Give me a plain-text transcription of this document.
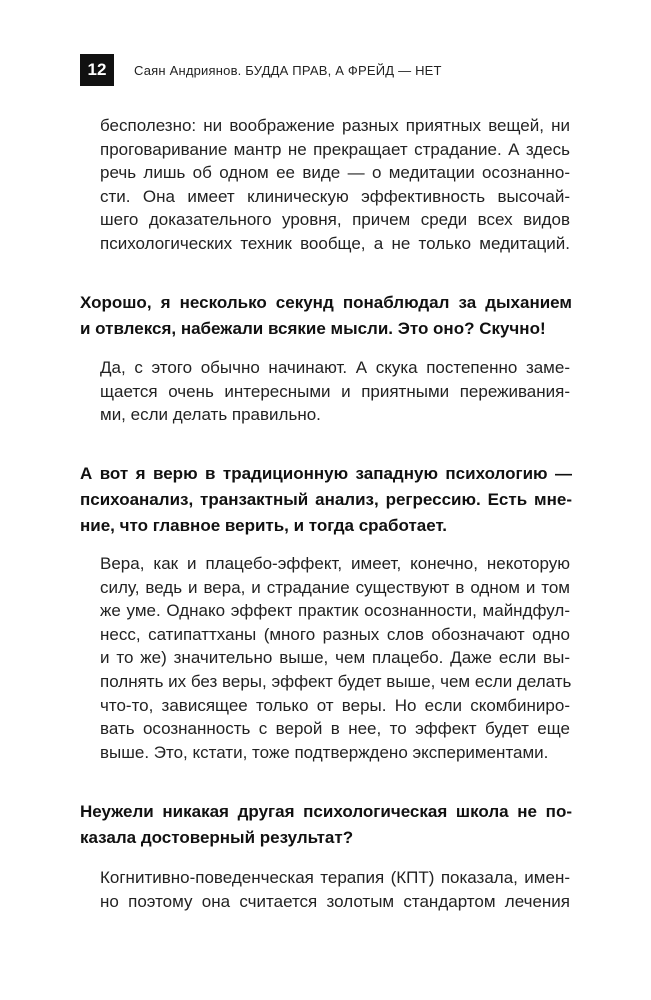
12	Саян Андриянов. БУДДА ПРАВ, А ФРЕЙД — НЕТ

бесполезно: ни воображение разных приятных вещей, ни
проговаривание мантр не прекращает страдание. А здесь
речь лишь об одном ее виде — о медитации осознанно-
сти. Она имеет клиническую эффективность высочай-
шего доказательного уровня, причем среди всех видов
психологических техник вообще, а не только медитаций.

Хорошо, я несколько секунд понаблюдал за дыханием
и отвлекся, набежали всякие мысли. Это оно? Скучно!

Да, с этого обычно начинают. А скука постепенно заме-
щается очень интересными и приятными переживания-
ми, если делать правильно.

А вот я верю в традиционную западную психологию —
психоанализ, транзактный анализ, регрессию. Есть мне-
ние, что главное верить, и тогда сработает.

Вера, как и плацебо-эффект, имеет, конечно, некоторую
силу, ведь и вера, и страдание существуют в одном и том
же уме. Однако эффект практик осознанности, майндфул-
несс, сатипаттханы (много разных слов обозначают одно
и то же) значительно выше, чем плацебо. Даже если вы-
полнять их без веры, эффект будет выше, чем если делать
что-то, зависящее только от веры. Но если скомбиниро-
вать осознанность с верой в нее, то эффект будет еще
выше. Это, кстати, тоже подтверждено экспериментами.

Неужели никакая другая психологическая школа не по-
казала достоверный результат?

Когнитивно-поведенческая терапия (КПТ) показала, имен-
но поэтому она считается золотым стандартом лечения
